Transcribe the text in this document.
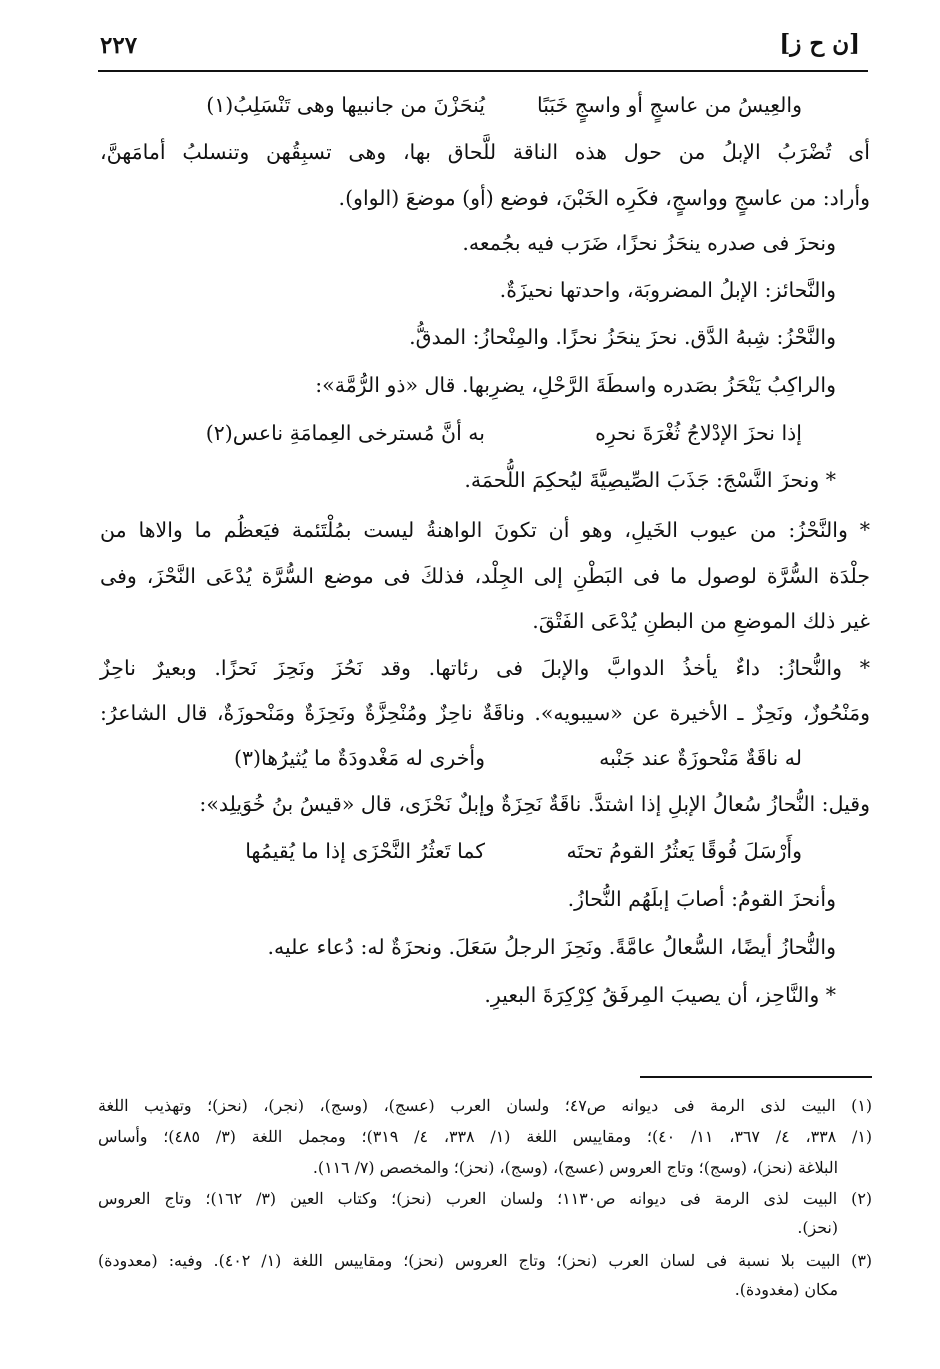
[ن ح ز]
٢٢٧
والعِيسُ من عاسجٍ أو واسجٍ خَبَبًا
يُنحَزْنَ من جانبيها وهى تَنْسَلِبُ(١)
أى تُضْرَبُ الإبلُ من حول هذه الناقة للَّحاق بها، وهى تسبِقُهن وتنسلبُ أمامَهنَّ،
وأراد: من عاسجٍ وواسجٍ، فكَرِه الخَبْنَ، فوضع (أو) موضعَ (الواو).
ونحزَ فى صدره ينحَزُ نحزًا، ضَرَب فيه بجُمعه.
والنَّحائز: الإبلُ المضروبَة، واحدتها نحيزَةٌ.
والنَّحْزُ: شِبهُ الدَّق. نحزَ ينحَزُ نحزًا. والمِنْحازُ: المدقُّ.
والراكِبُ يَنْحَزُ بصَدره واسطَةَ الرَّحْلِ، يضرِبها. قال «ذو الرُّمَّة»:
إذا نحزَ الإدْلاجُ ثُغْرَةَ نحرِه
به أنَّ مُسترخى العِمامَةِ ناعس(٢)
* ونحزَ النَّسْجَ: جَذَبَ الصِّيصِيَّةَ ليُحكِمَ اللُّحمَة.
* والنَّحْزُ: من عيوب الخَيلِ، وهو أن تكونَ الواهنةُ ليست بمُلْتَئمة فيَعظُم ما والاها من
جلْدَة السُّرَّة لوصول ما فى البَطْنِ إلى الجِلْد، فذلكَ فى موضع السُّرَّة يُدْعَى النَّحْزَ، وفى
غير ذلك الموضعِ من البطنِ يُدْعَى الفَتْقَ.
* والنُّحازُ: داءٌ يأخذُ الدوابَّ والإبلَ فى رئاتها. وقد نَحُزَ ونَحِزَ نَحزًا. وبعيرٌ ناحِزٌ
ومَنْحُوزٌ، ونَحِزٌ ـ الأخيرة عن «سيبويه». وناقَةٌ ناحِزٌ ومُنْحِزَّةٌ ونَحِزَةٌ ومَنْحوزَةٌ، قال الشاعرُ:
له ناقَةٌ مَنْحوزَةٌ عند جَنْبه
وأخرى له مَغْدودَةٌ ما يُثيرُها(٣)
وقيل: النُّحازُ سُعالُ الإبلِ إذا اشتدَّ. ناقَةٌ نَحِزَةٌ وإبلٌ نَحْزَى، قال «قيسُ بنُ خُوَيلِد»:
وأَرْسَلَ فُوقًا يَعثُرُ القومُ تحتَه
كما تَعثُرُ النَّحْزَى إذا ما يُقيمُها
وأنحزَ القومُ: أصابَ إبلَهُم النُّحازُ.
والنُّحازُ أيضًا، السُّعالُ عامَّةً. ونَحِزَ الرجلُ سَعَلَ. ونحزَةٌ له: دُعاء عليه.
* والنَّاحِز، أن يصيبَ المِرفَقُ كِرْكِرَةَ البعيرِ.
(١) البيت لذى الرمة فى ديوانه ص٤٧؛ ولسان العرب (عسج)، (وسج)، (نجر)، (نحز)؛ وتهذيب اللغة
(١/ ٣٣٨، ٤/ ٣٦٧، ١١/ ٤٠)؛ ومقاييس اللغة (١/ ٣٣٨، ٤/ ٣١٩)؛ ومجمل اللغة (٣/ ٤٨٥)؛ وأساس
البلاغة (نحز)، (وسج)؛ وتاج العروس (عسج)، (وسج)، (نحز)؛ والمخصص (٧/ ١١٦).
(٢) البيت لذى الرمة فى ديوانه ص١١٣٠؛ ولسان العرب (نحز)؛ وكتاب العين (٣/ ١٦٢)؛ وتاج العروس
(نحز).
(٣) البيت بلا نسبة فى لسان العرب (نحز)؛ وتاج العروس (نحز)؛ ومقاييس اللغة (١/ ٤٠٢). وفيه: (معدودة)
مكان (مغدودة).
